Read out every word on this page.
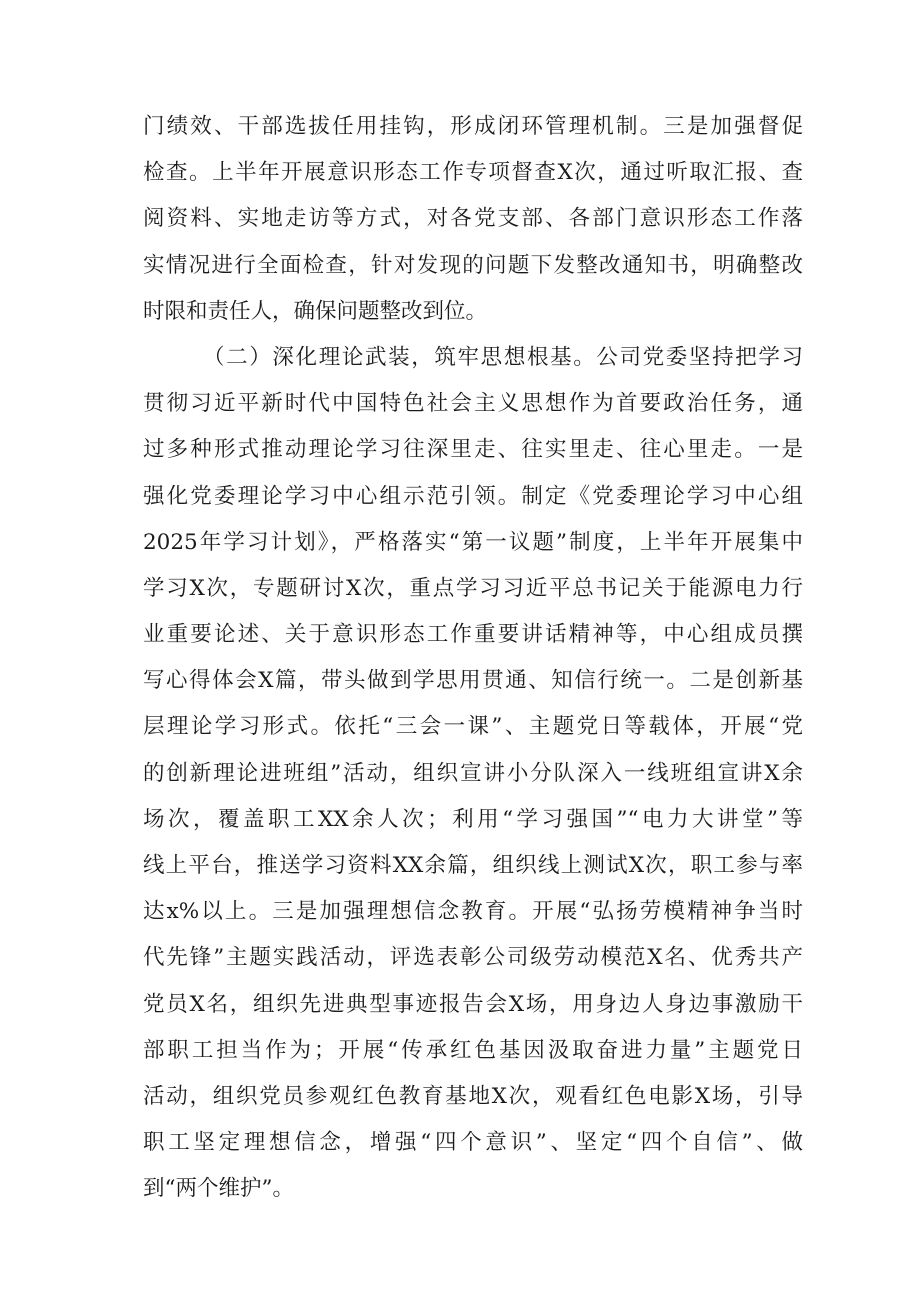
门绩效、干部选拔任用挂钩，形成闭环管理机制。三是加强督促
检查。上半年开展意识形态工作专项督查X次，通过听取汇报、查
阅资料、实地走访等方式，对各党支部、各部门意识形态工作落
实情况进行全面检查，针对发现的问题下发整改通知书，明确整改
时限和责任人，确保问题整改到位。
（二）深化理论武装，筑牢思想根基。公司党委坚持把学习
贯彻习近平新时代中国特色社会主义思想作为首要政治任务，通
过多种形式推动理论学习往深里走、往实里走、往心里走。一是
强化党委理论学习中心组示范引领。制定《党委理论学习中心组
2025年学习计划》，严格落实“第一议题”制度，上半年开展集中
学习X次，专题研讨X次，重点学习习近平总书记关于能源电力行
业重要论述、关于意识形态工作重要讲话精神等，中心组成员撰
写心得体会X篇，带头做到学思用贯通、知信行统一。二是创新基
层理论学习形式。依托“三会一课”、主题党日等载体，开展“党
的创新理论进班组”活动，组织宣讲小分队深入一线班组宣讲X余
场次，覆盖职工XX余人次；利用“学习强国”“电力大讲堂”等
线上平台，推送学习资料XX余篇，组织线上测试X次，职工参与率
达x%以上。三是加强理想信念教育。开展“弘扬劳模精神争当时
代先锋”主题实践活动，评选表彰公司级劳动模范X名、优秀共产
党员X名，组织先进典型事迹报告会X场，用身边人身边事激励干
部职工担当作为；开展“传承红色基因汲取奋进力量”主题党日
活动，组织党员参观红色教育基地X次，观看红色电影X场，引导
职工坚定理想信念，增强“四个意识”、坚定“四个自信”、做
到“两个维护”。
